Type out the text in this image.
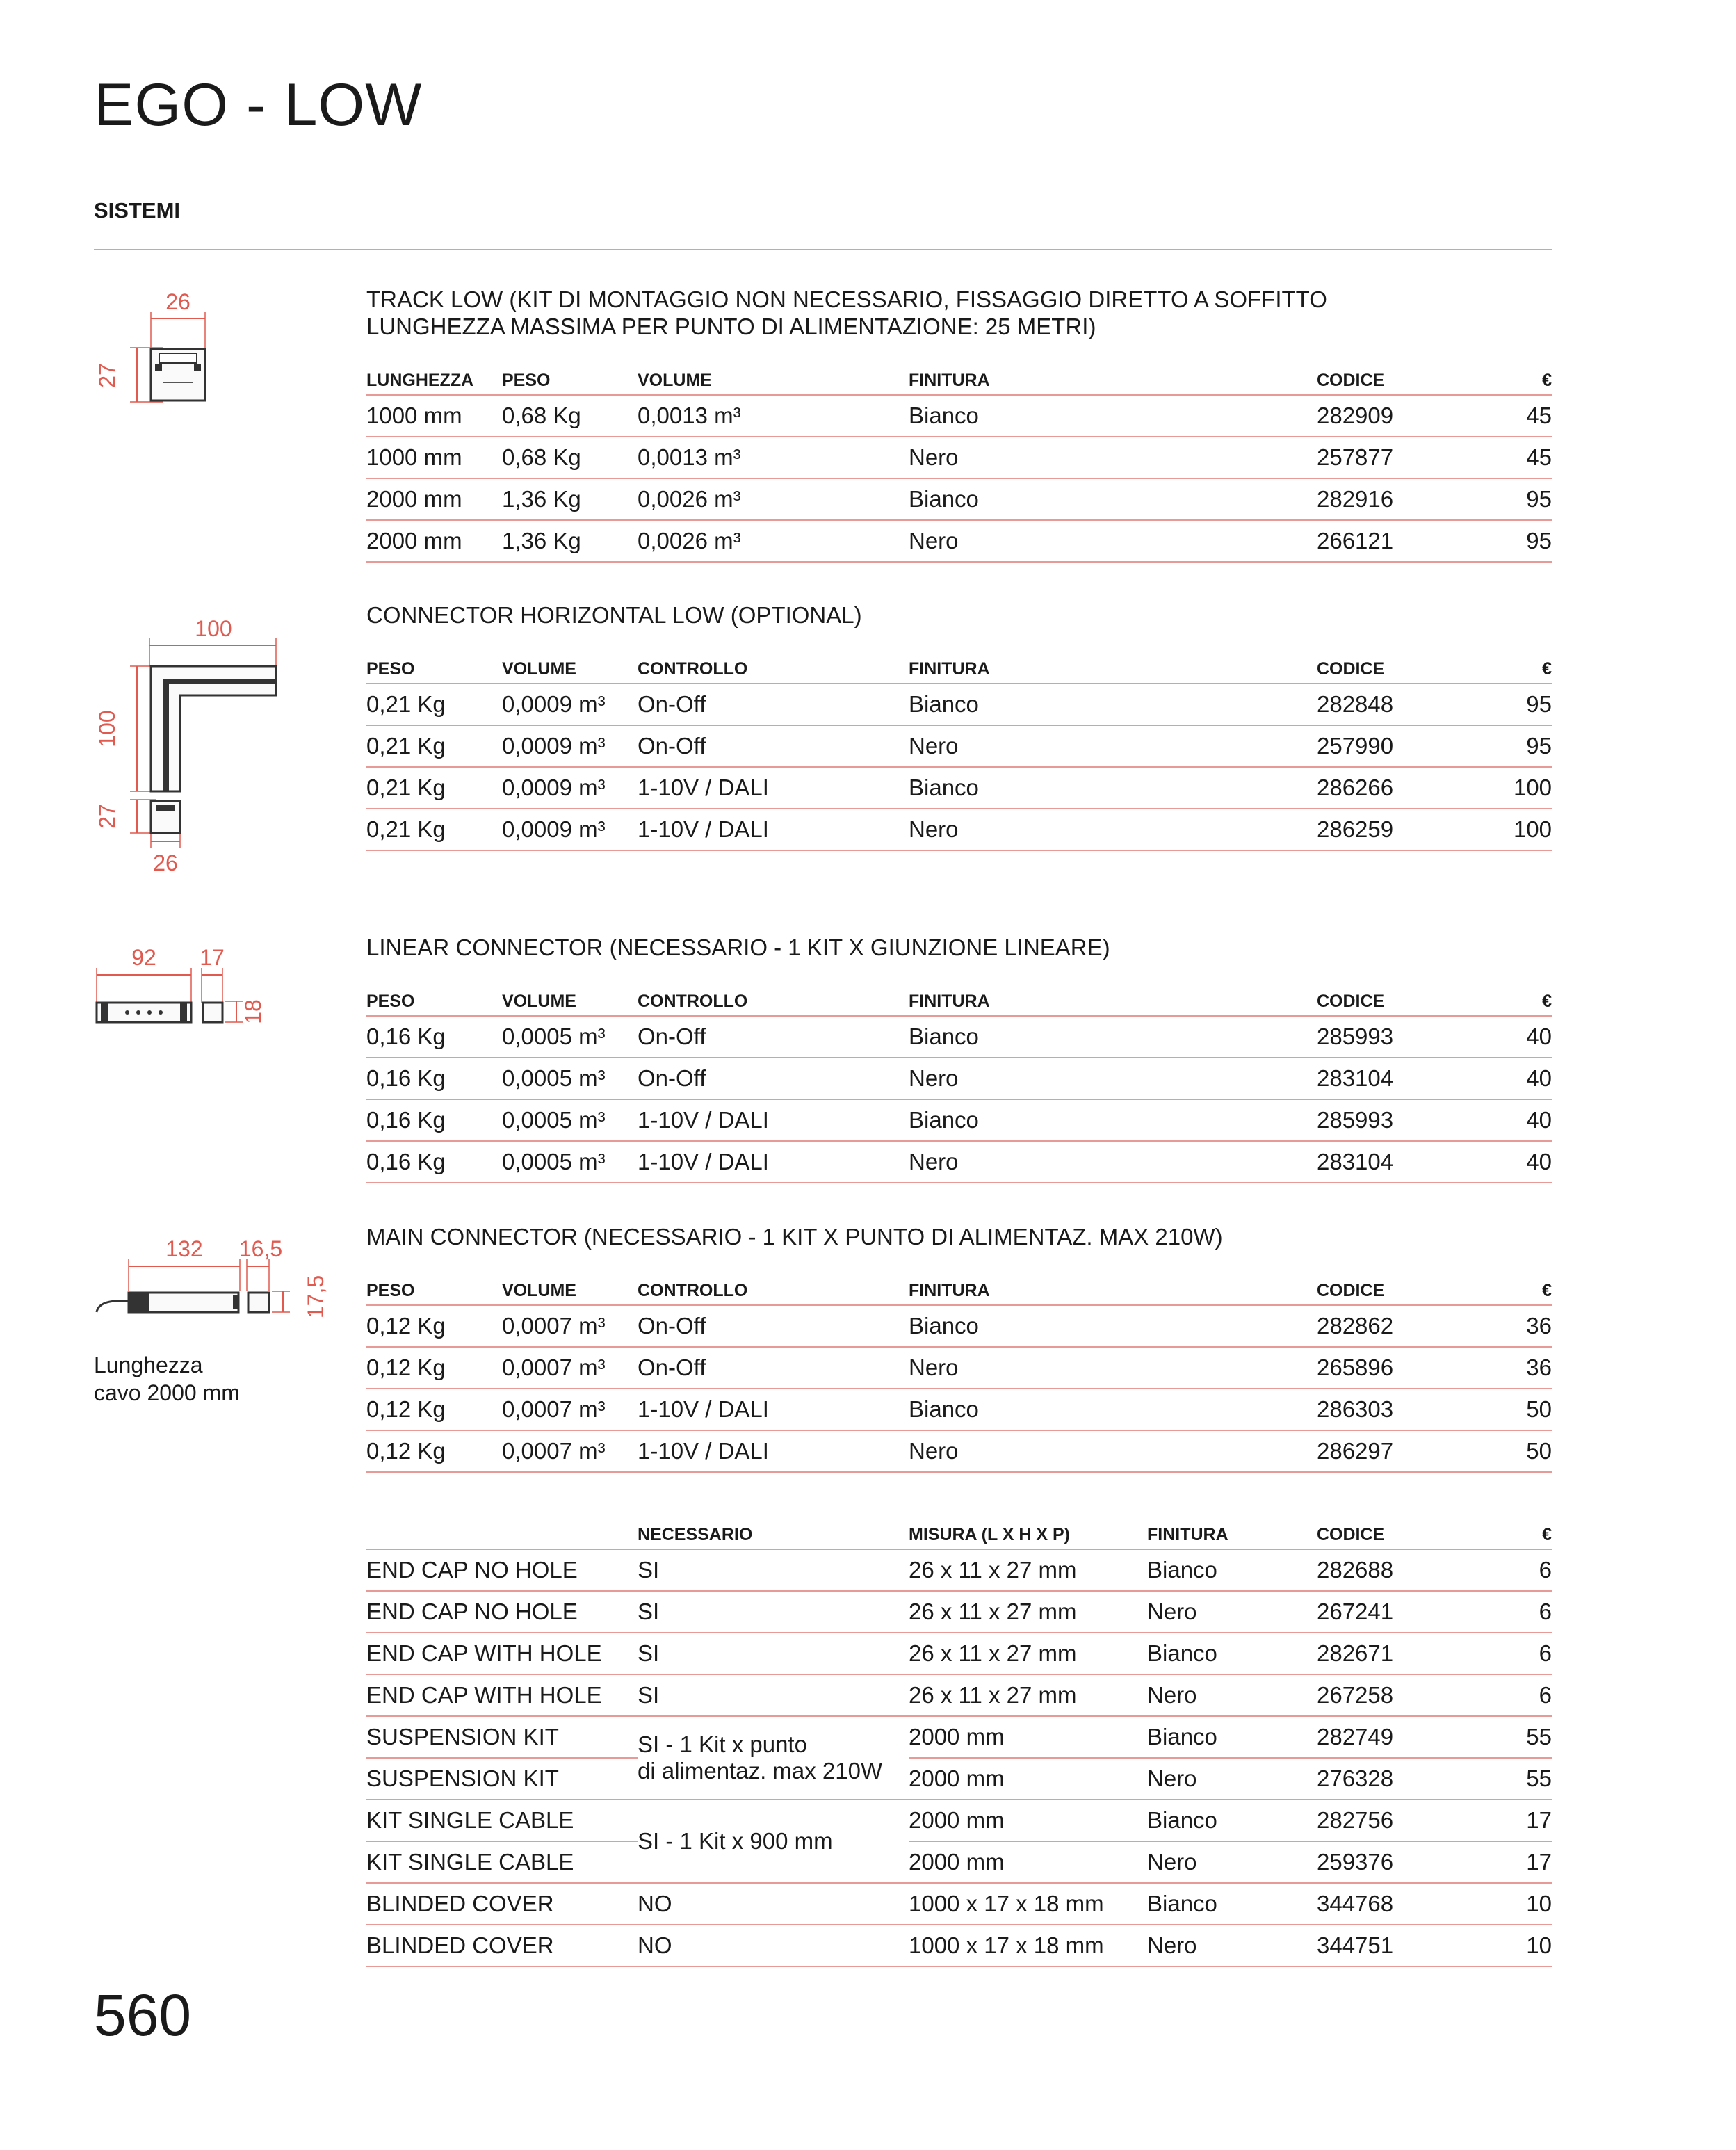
EGO - LOW
SISTEMI
26
27
100
100
27
26
92 17
18
132 16,5
17,5
Lunghezza
cavo 2000 mm
TRACK LOW (KIT DI MONTAGGIO NON NECESSARIO, FISSAGGIO DIRETTO A SOFFITTO
LUNGHEZZA MASSIMA PER PUNTO DI ALIMENTAZIONE: 25 METRI)
LUNGHEZZA	PESO	VOLUME	FINITURA	CODICE	€
1000 mm	0,68 Kg	0,0013 m³	Bianco	282909	45
1000 mm	0,68 Kg	0,0013 m³	Nero	257877	45
2000 mm	1,36 Kg	0,0026 m³	Bianco	282916	95
2000 mm	1,36 Kg	0,0026 m³	Nero	266121	95
CONNECTOR HORIZONTAL LOW (OPTIONAL)
PESO	VOLUME	CONTROLLO	FINITURA	CODICE	€
0,21 Kg	0,0009 m³	On-Off	Bianco	282848	95
0,21 Kg	0,0009 m³	On-Off	Nero	257990	95
0,21 Kg	0,0009 m³	1-10V / DALI	Bianco	286266	100
0,21 Kg	0,0009 m³	1-10V / DALI	Nero	286259	100
LINEAR CONNECTOR (NECESSARIO - 1 KIT X GIUNZIONE LINEARE)
PESO	VOLUME	CONTROLLO	FINITURA	CODICE	€
0,16 Kg	0,0005 m³	On-Off	Bianco	285993	40
0,16 Kg	0,0005 m³	On-Off	Nero	283104	40
0,16 Kg	0,0005 m³	1-10V / DALI	Bianco	285993	40
0,16 Kg	0,0005 m³	1-10V / DALI	Nero	283104	40
MAIN CONNECTOR (NECESSARIO - 1 KIT X PUNTO DI ALIMENTAZ. MAX 210W)
PESO	VOLUME	CONTROLLO	FINITURA	CODICE	€
0,12 Kg	0,0007 m³	On-Off	Bianco	282862	36
0,12 Kg	0,0007 m³	On-Off	Nero	265896	36
0,12 Kg	0,0007 m³	1-10V / DALI	Bianco	286303	50
0,12 Kg	0,0007 m³	1-10V / DALI	Nero	286297	50
	NECESSARIO	MISURA (L X H X P)	FINITURA	CODICE	€
END CAP NO HOLE	SI	26 x 11 x 27 mm	Bianco	282688	6
END CAP NO HOLE	SI	26 x 11 x 27 mm	Nero	267241	6
END CAP WITH HOLE	SI	26 x 11 x 27 mm	Bianco	282671	6
END CAP WITH HOLE	SI	26 x 11 x 27 mm	Nero	267258	6
SUSPENSION KIT	SI - 1 Kit x punto
di alimentaz. max 210W	2000 mm	Bianco	282749	55
SUSPENSION KIT		2000 mm	Nero	276328	55
KIT SINGLE CABLE	SI - 1 Kit x 900 mm	2000 mm	Bianco	282756	17
KIT SINGLE CABLE		2000 mm	Nero	259376	17
BLINDED COVER	NO	1000 x 17 x 18 mm	Bianco	344768	10
BLINDED COVER	NO	1000 x 17 x 18 mm	Nero	344751	10
560
